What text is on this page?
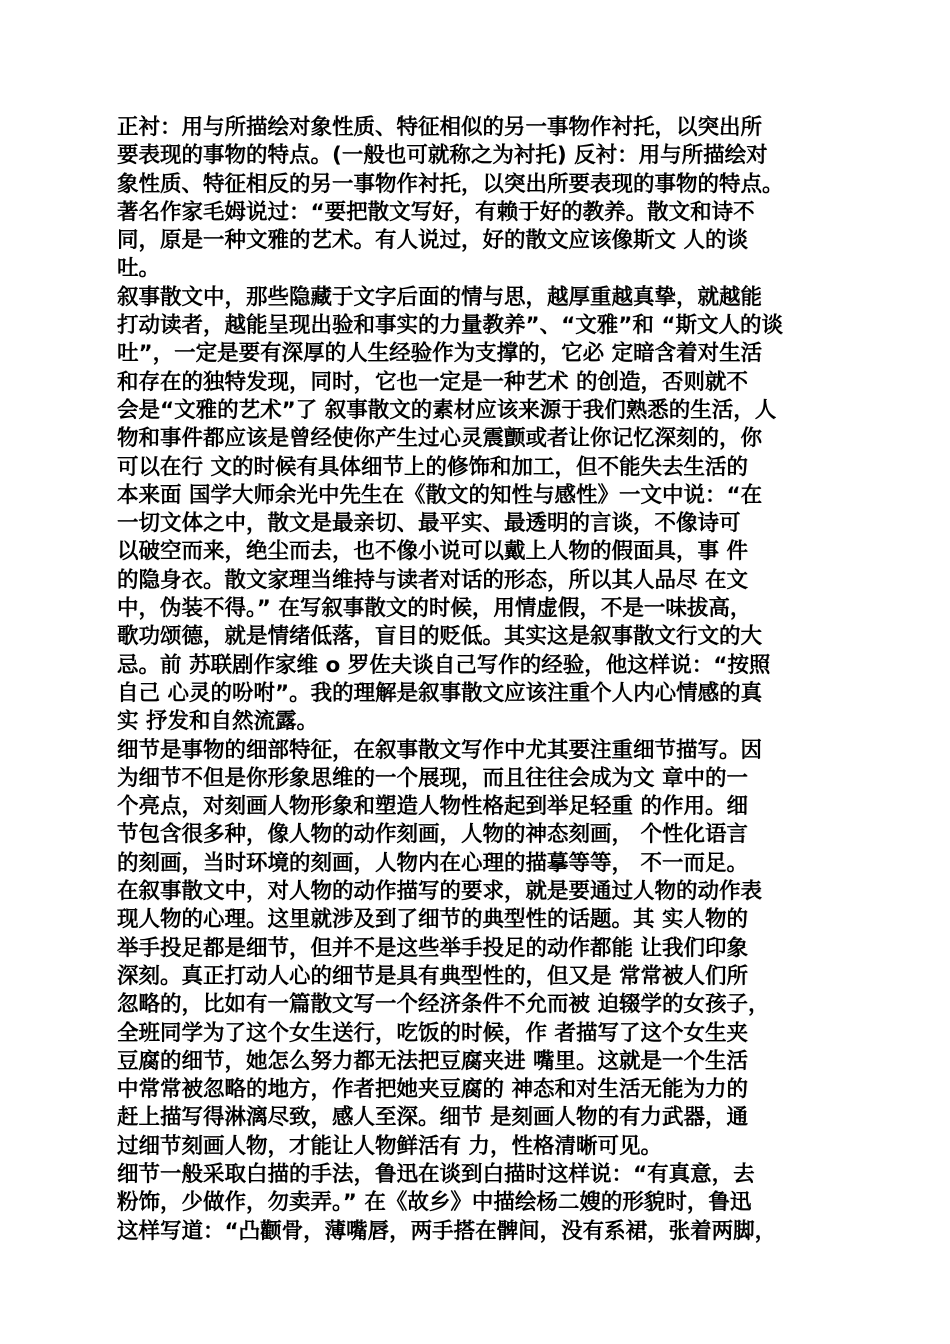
正衬：用与所描绘对象性质、特征相似的另一事物作衬托，以突出所
要表现的事物的特点。(一般也可就称之为衬托) 反衬：用与所描绘对
象性质、特征相反的另一事物作衬托，以突出所要表现的事物的特点。
著名作家毛姆说过：“要把散文写好，有赖于好的教养。散文和诗不
同，原是一种文雅的艺术。有人说过，好的散文应该像斯文 人的谈
吐。
叙事散文中，那些隐藏于文字后面的情与思，越厚重越真挚，就越能
打动读者，越能呈现出验和事实的力量教养”、“文雅”和 “斯文人的谈
吐”，一定是要有深厚的人生经验作为支撑的，它必 定暗含着对生活
和存在的独特发现，同时，它也一定是一种艺术 的创造，否则就不
会是“文雅的艺术”了 叙事散文的素材应该来源于我们熟悉的生活，人
物和事件都应该是曾经使你产生过心灵震颤或者让你记忆深刻的，你
可以在行 文的时候有具体细节上的修饰和加工，但不能失去生活的
本来面 国学大师余光中先生在《散文的知性与感性》一文中说：“在
一切文体之中，散文是最亲切、最平实、最透明的言谈，不像诗可
以破空而来，绝尘而去，也不像小说可以戴上人物的假面具，事 件
的隐身衣。散文家理当维持与读者对话的形态，所以其人品尽 在文
中，伪装不得。” 在写叙事散文的时候，用情虚假，不是一味拔高，
歌功颂德，就是情绪低落，盲目的贬低。其实这是叙事散文行文的大
忌。前 苏联剧作家维 o 罗佐夫谈自己写作的经验，他这样说：“按照
自己 心灵的吩咐”。我的理解是叙事散文应该注重个人内心情感的真
实 抒发和自然流露。
细节是事物的细部特征，在叙事散文写作中尤其要注重细节描写。因
为细节不但是你形象思维的一个展现，而且往往会成为文 章中的一
个亮点，对刻画人物形象和塑造人物性格起到举足轻重 的作用。细
节包含很多种，像人物的动作刻画，人物的神态刻画， 个性化语言
的刻画，当时环境的刻画，人物内在心理的描摹等等， 不一而足。
在叙事散文中，对人物的动作描写的要求，就是要通过人物的动作表
现人物的心理。这里就涉及到了细节的典型性的话题。其 实人物的
举手投足都是细节，但并不是这些举手投足的动作都能 让我们印象
深刻。真正打动人心的细节是具有典型性的，但又是 常常被人们所
忽略的，比如有一篇散文写一个经济条件不允而被 迫辍学的女孩子，
全班同学为了这个女生送行，吃饭的时候，作 者描写了这个女生夹
豆腐的细节，她怎么努力都无法把豆腐夹进 嘴里。这就是一个生活
中常常被忽略的地方，作者把她夹豆腐的 神态和对生活无能为力的
赶上描写得淋漓尽致，感人至深。细节 是刻画人物的有力武器，通
过细节刻画人物，才能让人物鲜活有 力，性格清晰可见。
细节一般采取白描的手法，鲁迅在谈到白描时这样说：“有真意，去
粉饰，少做作，勿卖弄。” 在《故乡》中描绘杨二嫂的形貌时，鲁迅
这样写道：“凸颧骨，薄嘴唇，两手搭在髀间，没有系裙，张着两脚，
